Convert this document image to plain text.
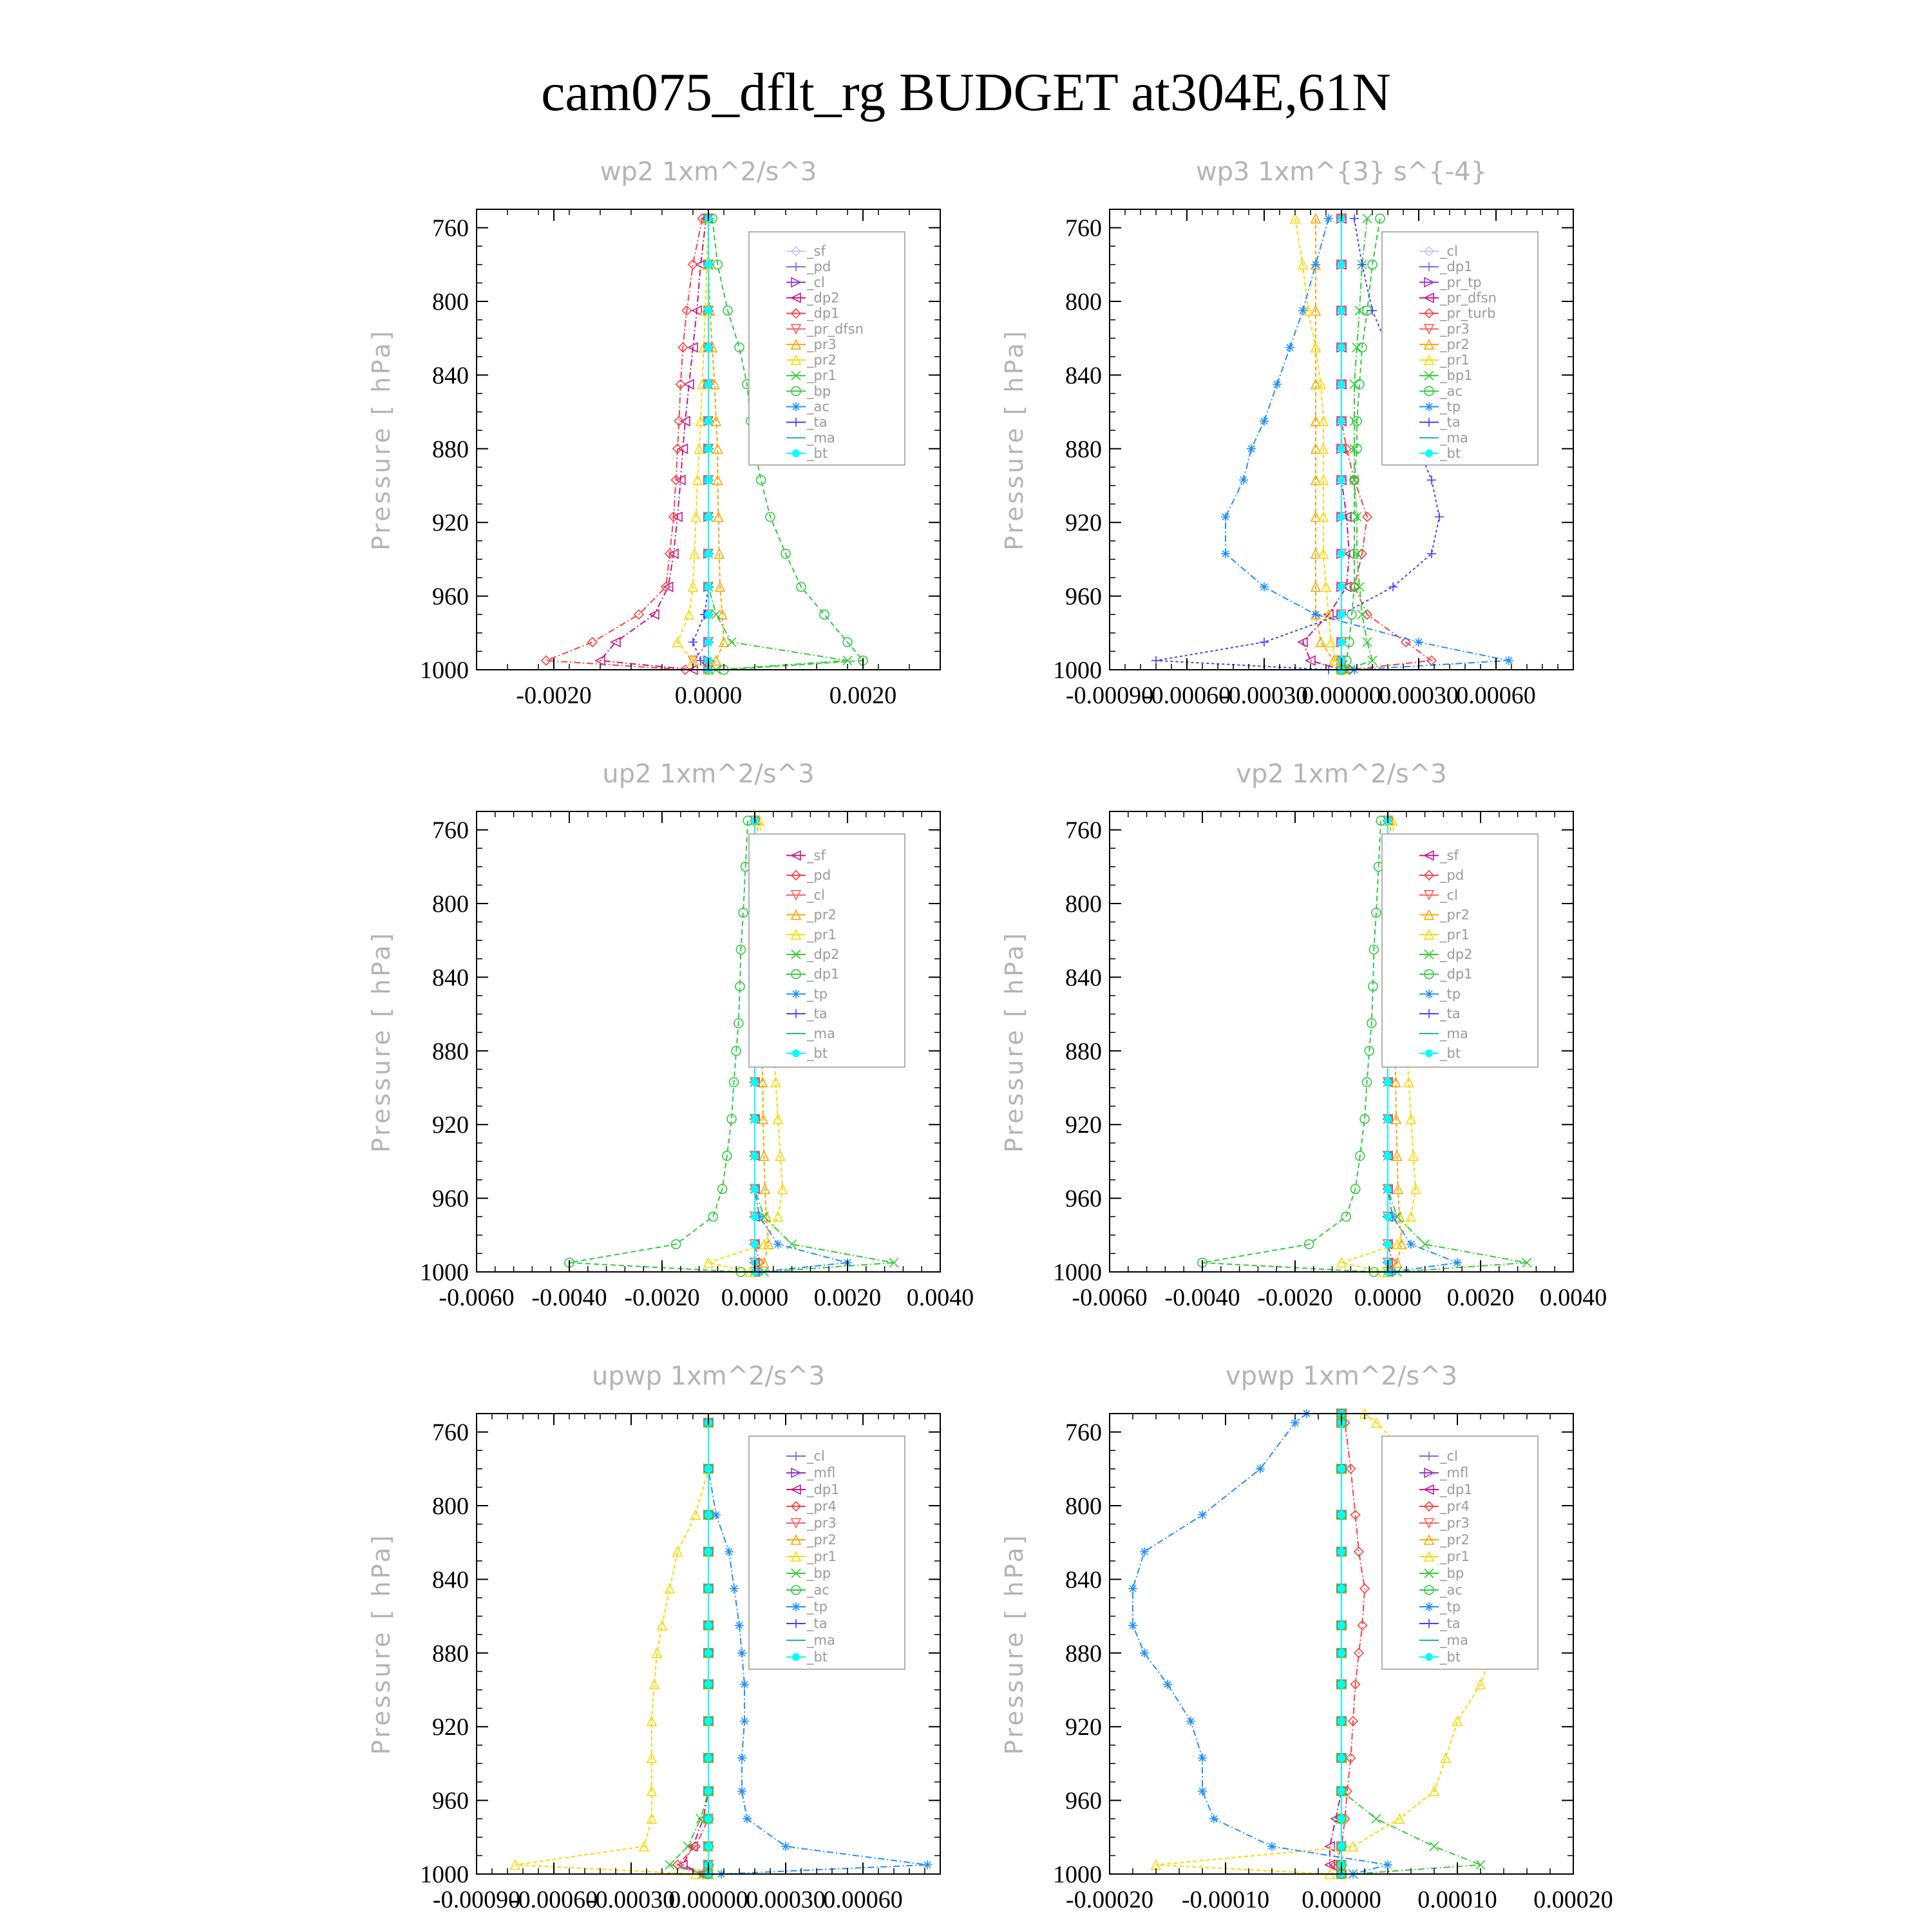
cam075_dflt_rg BUDGET at304E,61N
wp2 1xm^2/s^3
Pressure [ hPa]
760
800
840
880
920
960
1000
-0.0020	0.0000	0.0020
_sf
_pd
_cl
_dp2
_dp1
_pr_dfsn
_pr3
_pr2
_pr1
_bp
_ac
_ta
_ma
_bt
wp3 1xm^{3} s^{-4}
Pressure [ hPa]
760
800
840
880
920
960
1000
-0.00090
-0.00060
-0.00030
0.00000
0.00030
0.00060
_cl
_dp1
_pr_tp
_pr_dfsn
_pr_turb
_pr3
_pr2
_pr1
_bp1
_ac
_tp
_ta
_ma
_bt
up2 1xm^2/s^3
Pressure [ hPa]
760
800
840
880
920
960
1000
-0.0060 -0.0040 -0.0020 0.0000 0.0020 0.0040
_sf
_pd
_cl
_pr2
_pr1
_dp2
_dp1
_tp
_ta
_ma
_bt
vp2 1xm^2/s^3
Pressure [ hPa]
760
800
840
880
920
960
1000
-0.0060 -0.0040 -0.0020 0.0000 0.0020 0.0040
_sf
_pd
_cl
_pr2
_pr1
_dp2
_dp1
_tp
_ta
_ma
_bt
upwp 1xm^2/s^3
Pressure [ hPa]
760
800
840
880
920
960
1000
-0.00090
-0.00060
-0.00030
0.00000
0.00030
0.00060
_cl
_mfl
_dp1
_pr4
_pr3
_pr2
_pr1
_bp
_ac
_tp
_ta
_ma
_bt
vpwp 1xm^2/s^3
Pressure [ hPa]
760
800
840
880
920
960
1000
-0.00020 -0.00010 0.00000 0.00010 0.00020
_cl
_mfl
_dp1
_pr4
_pr3
_pr2
_pr1
_bp
_ac
_tp
_ta
_ma
_bt
